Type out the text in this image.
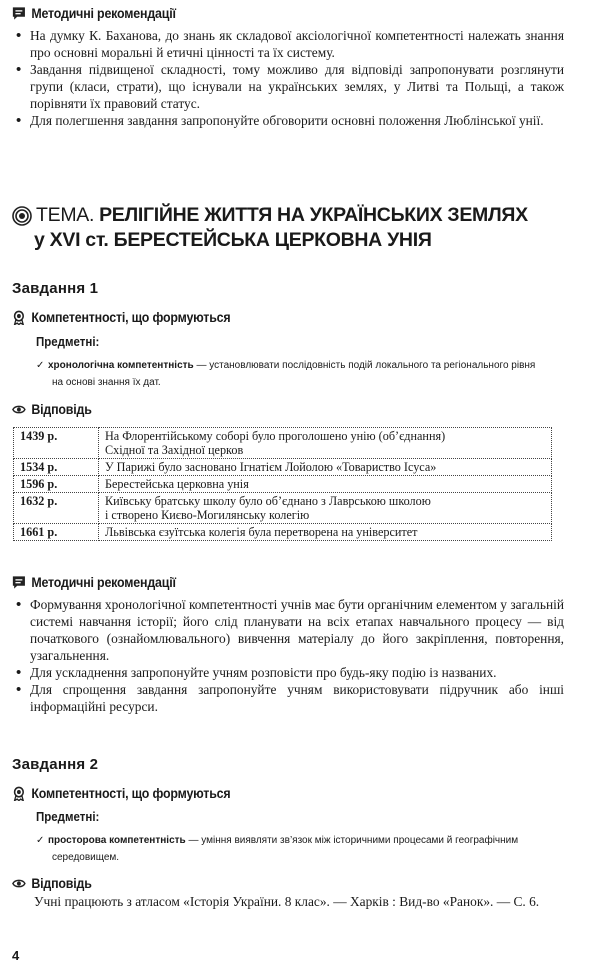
Методичні рекомендації
• На думку К. Баханова, до знань як складової аксіологічної компетентності належать знання про основні моральні й етичні цінності та їх систему.
• Завдання підвищеної складності, тому можливо для відповіді запропонувати розглянути групи (класи, страти), що існували на українських землях, у Литві та Польщі, а також порівняти їх правовий статус.
• Для полегшення завдання запропонуйте обговорити основні положення Люблінської унії.
ТЕМА. РЕЛІГІЙНЕ ЖИТТЯ НА УКРАЇНСЬКИХ ЗЕМЛЯХ
у XVI ст. БЕРЕСТЕЙСЬКА ЦЕРКОВНА УНІЯ
Завдання 1
Компетентності, що формуються
Предметні:
✓ хронологічна компетентність — установлювати послідовність подій локального та регіонального рівня
на основі знання їх дат.
Відповідь
1439 р.	На Флорентійському соборі було проголошено унію (об’єднання)
Східної та Західної церков

1534 р.	У Парижі було засновано Ігнатієм Лойолою «Товариство Ісуса»

1596 р.	Берестейська церковна унія

1632 р.	Київську братську школу було об’єднано з Лаврською школою
і створено Києво-Могилянську колегію

1661 р.	Львівська єзуїтська колегія була перетворена на університет
Методичні рекомендації
• Формування хронологічної компетентності учнів має бути органічним елементом у загальній системі навчання історії; його слід планувати на всіх етапах навчального процесу — від початкового (ознайомлювального) вивчення матеріалу до його закріплення, повторення, узагальнення.
• Для ускладнення запропонуйте учням розповісти про будь-яку подію із названих.
• Для спрощення завдання запропонуйте учням використовувати підручник або інші інформаційні ресурси.
Завдання 2
Компетентності, що формуються
Предметні:
✓ просторова компетентність — уміння виявляти зв’язок між історичними процесами й географічним
середовищем.
Відповідь
Учні працюють з атласом «Історія України. 8 клас». — Харків : Вид-во «Ранок». — С. 6.
4
